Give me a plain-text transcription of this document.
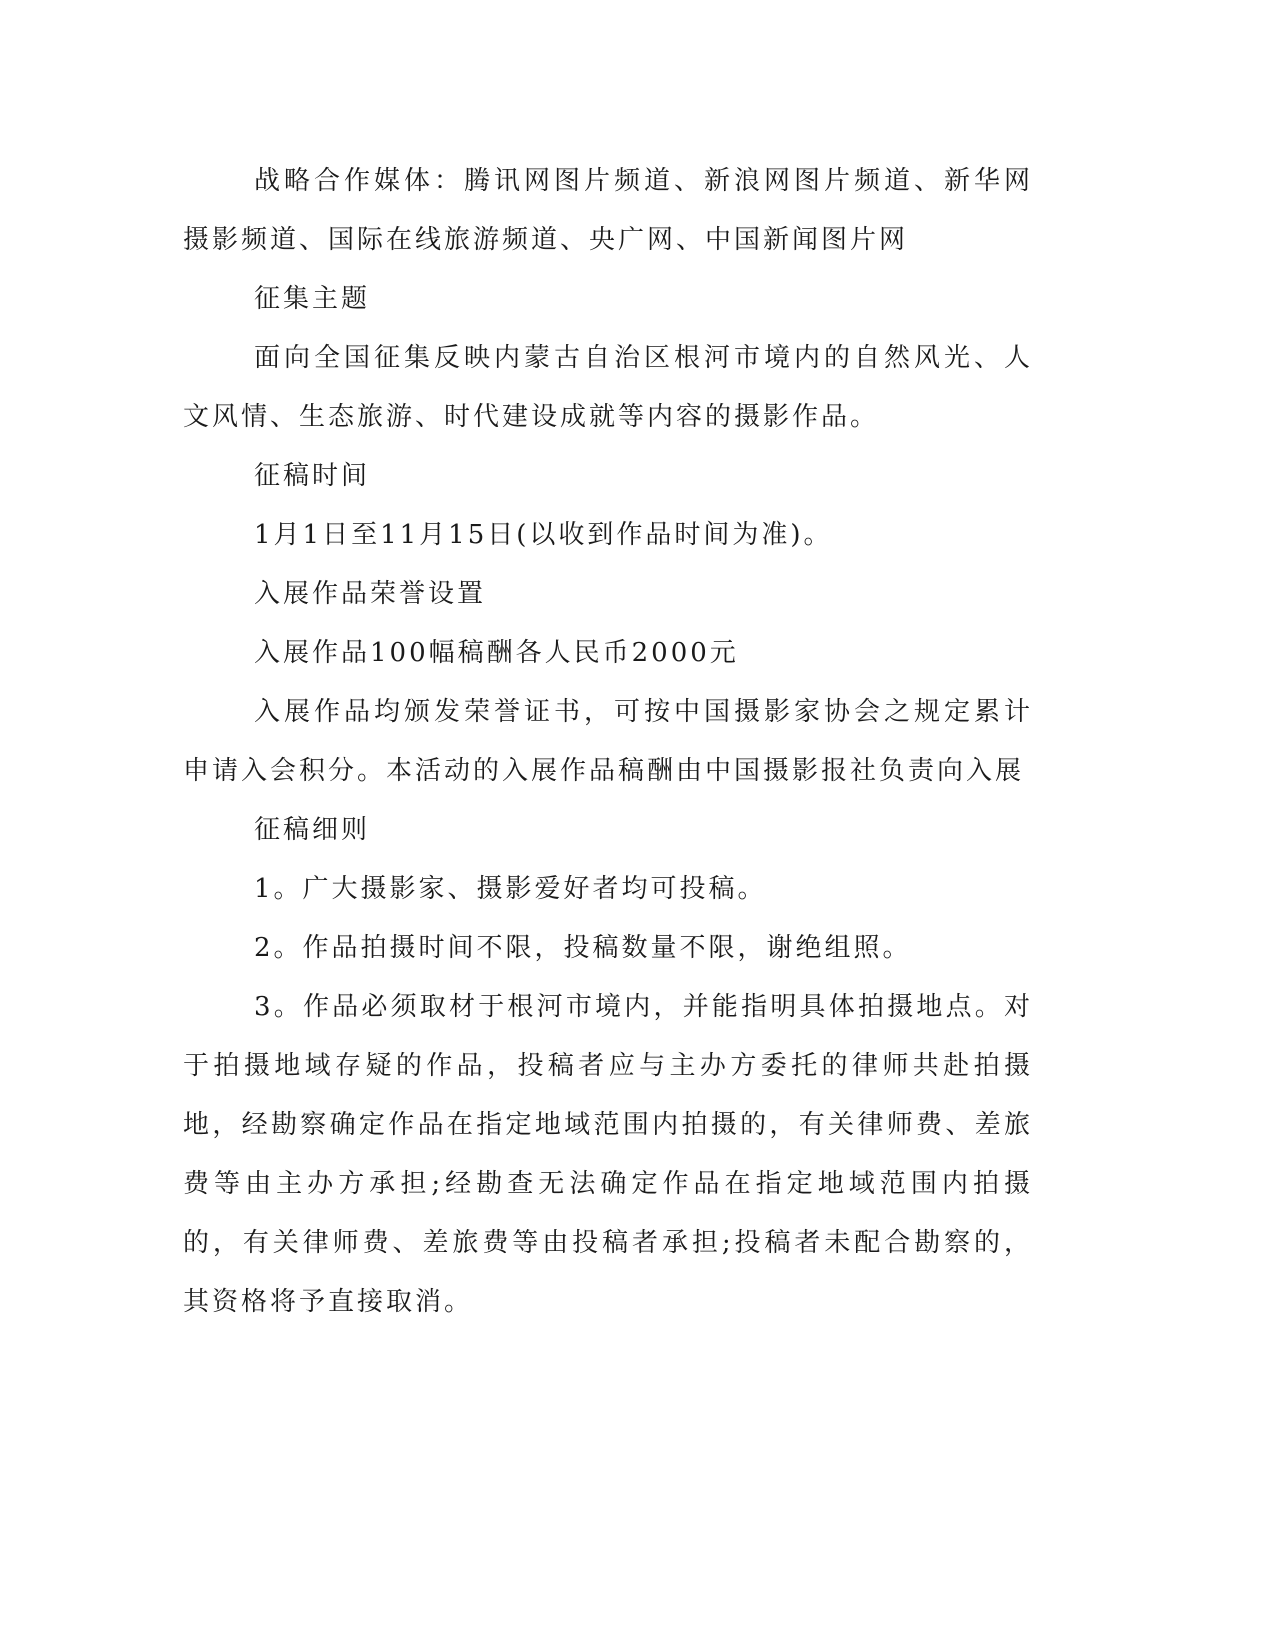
战略合作媒体：腾讯网图片频道、新浪网图片频道、新华网摄影频道、国际在线旅游频道、央广网、中国新闻图片网

征集主题

面向全国征集反映内蒙古自治区根河市境内的自然风光、人文风情、生态旅游、时代建设成就等内容的摄影作品。

征稿时间

1月1日至11月15日(以收到作品时间为准)。

入展作品荣誉设置

入展作品100幅稿酬各人民币2000元

入展作品均颁发荣誉证书，可按中国摄影家协会之规定累计申请入会积分。本活动的入展作品稿酬由中国摄影报社负责向入展

征稿细则

1。广大摄影家、摄影爱好者均可投稿。

2。作品拍摄时间不限，投稿数量不限，谢绝组照。

3。作品必须取材于根河市境内，并能指明具体拍摄地点。对于拍摄地域存疑的作品，投稿者应与主办方委托的律师共赴拍摄地，经勘察确定作品在指定地域范围内拍摄的，有关律师费、差旅费等由主办方承担;经勘查无法确定作品在指定地域范围内拍摄的，有关律师费、差旅费等由投稿者承担;投稿者未配合勘察的，其资格将予直接取消。
